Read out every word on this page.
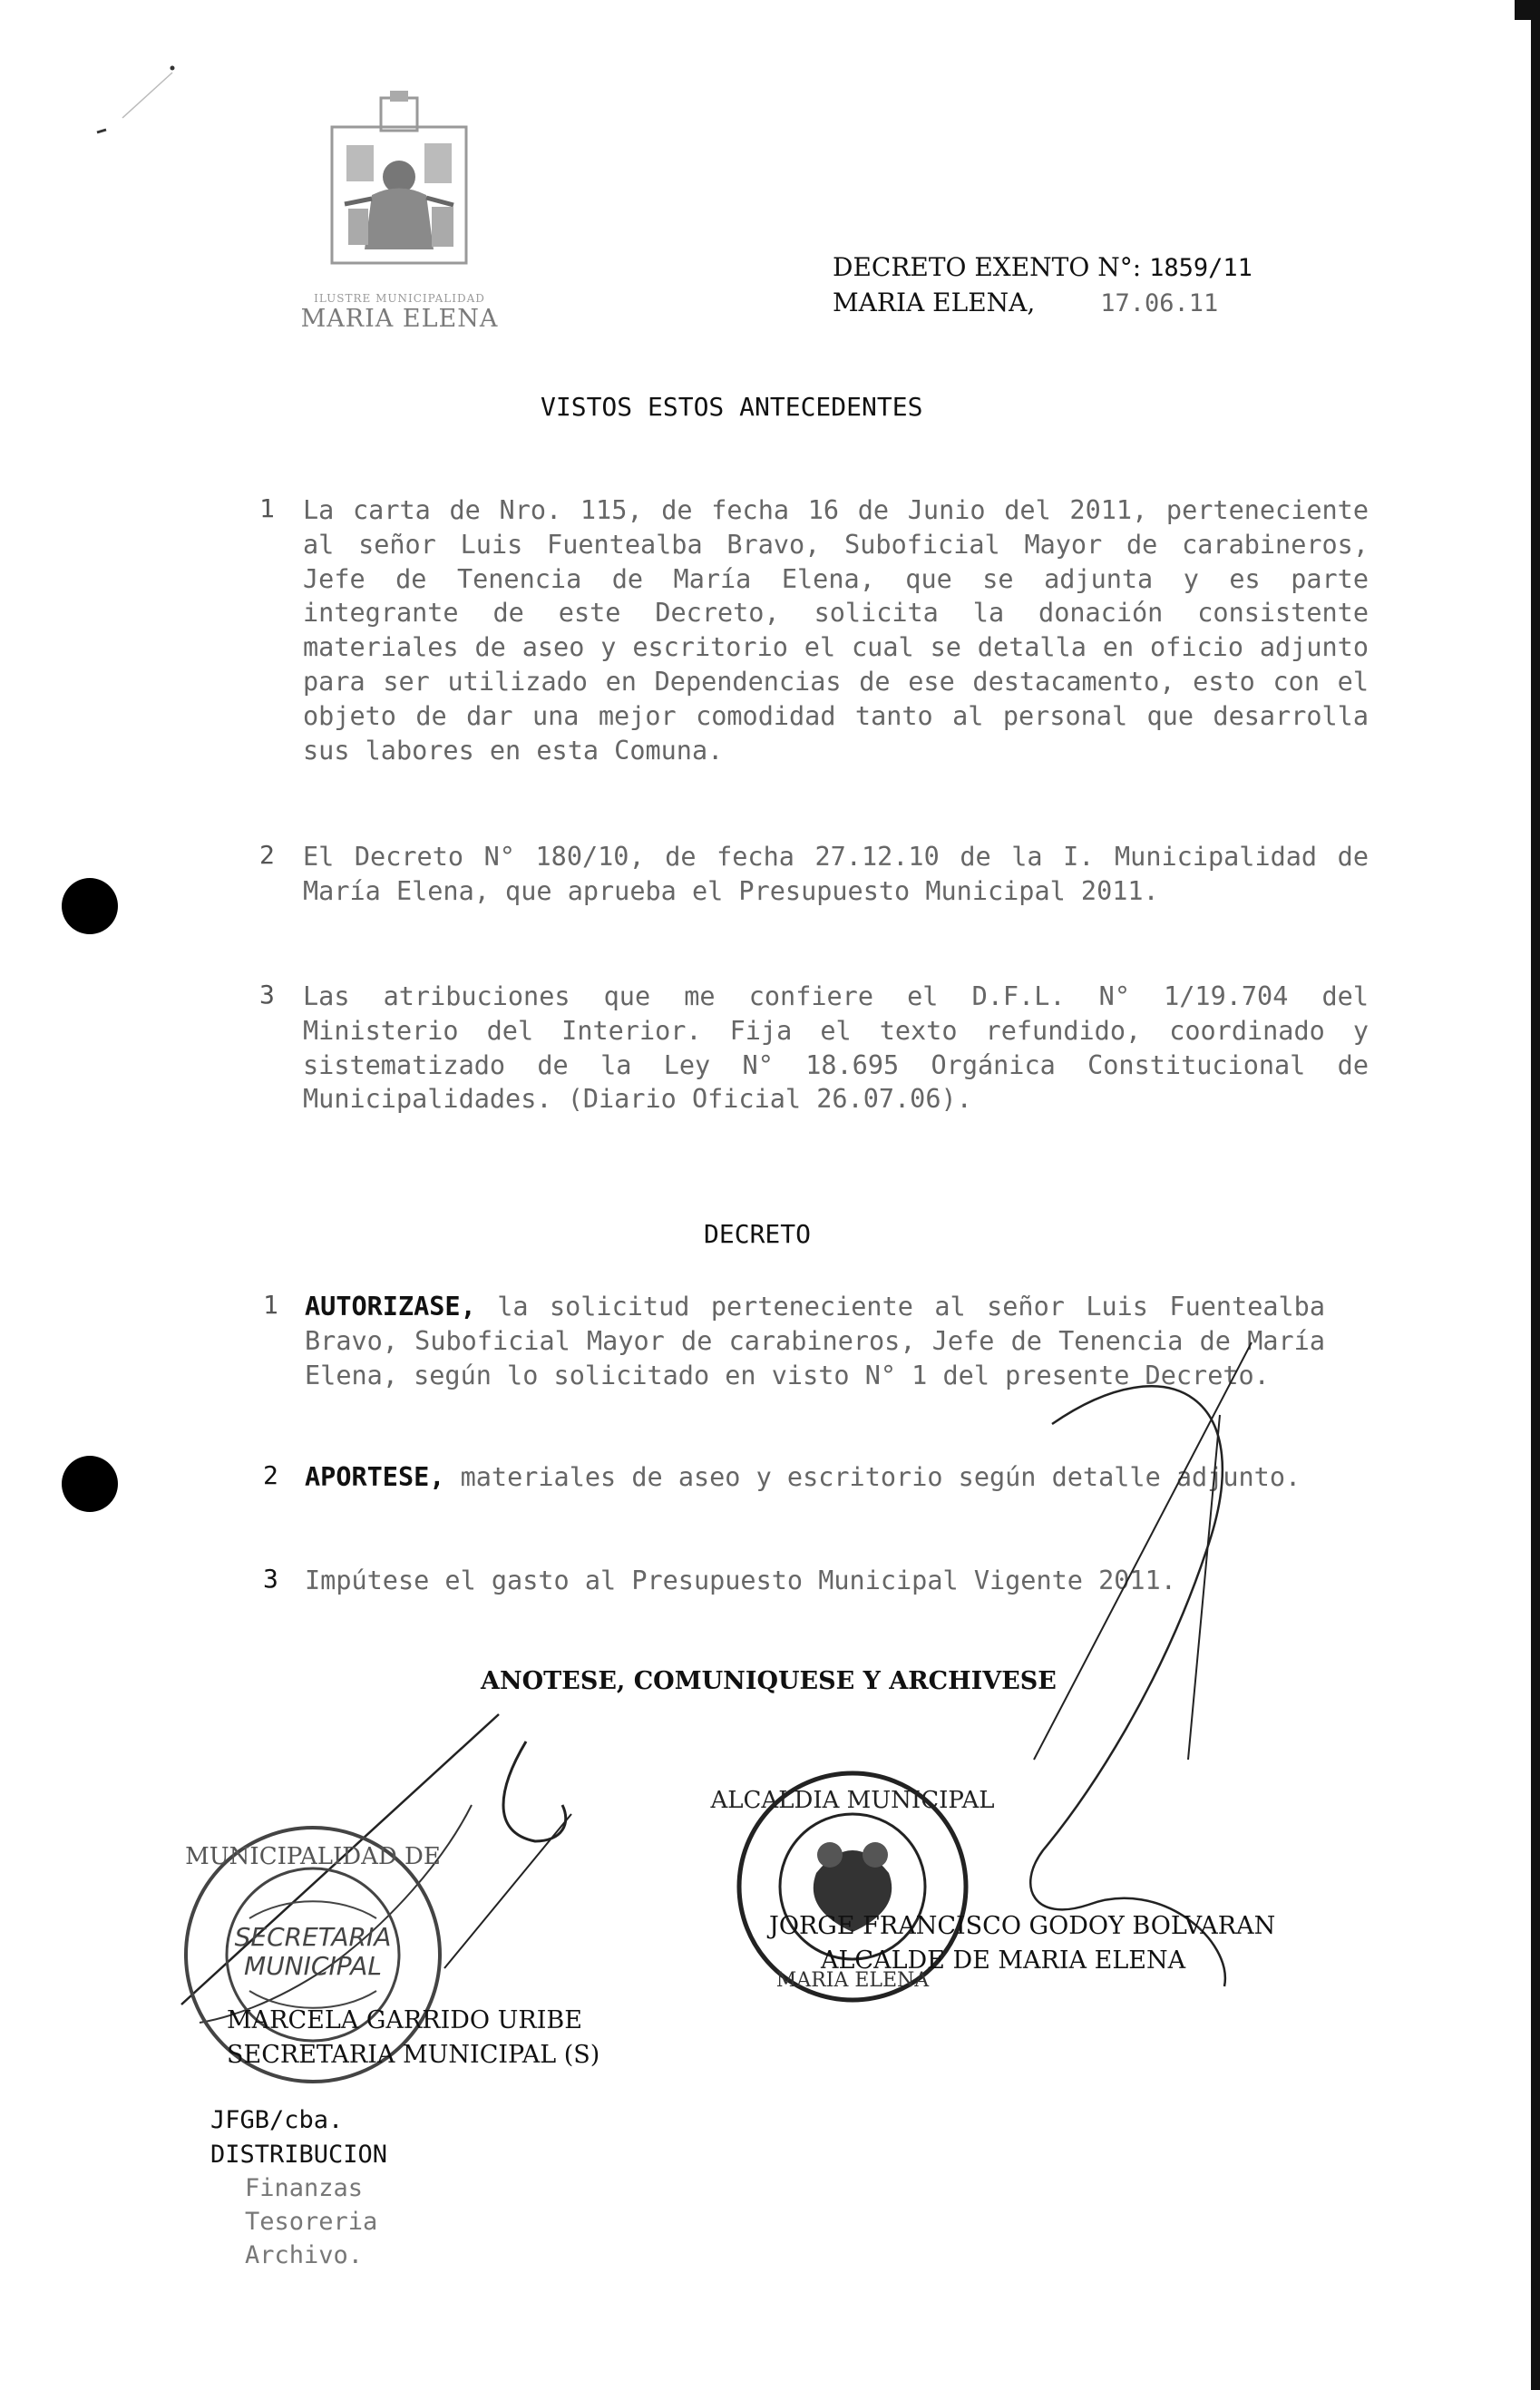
ILUSTRE MUNICIPALIDAD
MARIA ELENA
DECRETO EXENTO N°: 1859/11
MARIA ELENA,	17.06.11
VISTOS ESTOS ANTECEDENTES
1 La carta de Nro. 115, de fecha 16 de Junio del 2011, perteneciente al señor Luis Fuentealba Bravo, Suboficial Mayor de carabineros, Jefe de Tenencia de María Elena, que se adjunta y es parte integrante de este Decreto, solicita la donación consistente materiales de aseo y escritorio el cual se detalla en oficio adjunto para ser utilizado en Dependencias de ese destacamento, esto con el objeto de dar una mejor comodidad tanto al personal que desarrolla sus labores en esta Comuna.
2 El Decreto N° 180/10, de fecha 27.12.10 de la I. Municipalidad de María Elena, que aprueba el Presupuesto Municipal 2011.
3 Las atribuciones que me confiere el D.F.L. N° 1/19.704 del Ministerio del Interior. Fija el texto refundido, coordinado y sistematizado de la Ley N° 18.695 Orgánica Constitucional de Municipalidades. (Diario Oficial 26.07.06).
DECRETO
1 AUTORIZASE, la solicitud perteneciente al señor Luis Fuentealba Bravo, Suboficial Mayor de carabineros, Jefe de Tenencia de María Elena, según lo solicitado en visto N° 1 del presente Decreto.
2 APORTESE, materiales de aseo y escritorio según detalle adjunto.
3 Impútese el gasto al Presupuesto Municipal Vigente 2011.
ANOTESE, COMUNIQUESE Y ARCHIVESE
MUNICIPALIDAD DE
SECRETARIA
MUNICIPAL
ALCALDIA MUNICIPAL
MARIA ELENA
JORGE FRANCISCO GODOY BOLVARAN
ALCALDE DE MARIA ELENA
MARCELA GARRIDO URIBE
SECRETARIA MUNICIPAL (S)
JFGB/cba.
DISTRIBUCION
Finanzas
Tesoreria
Archivo.
